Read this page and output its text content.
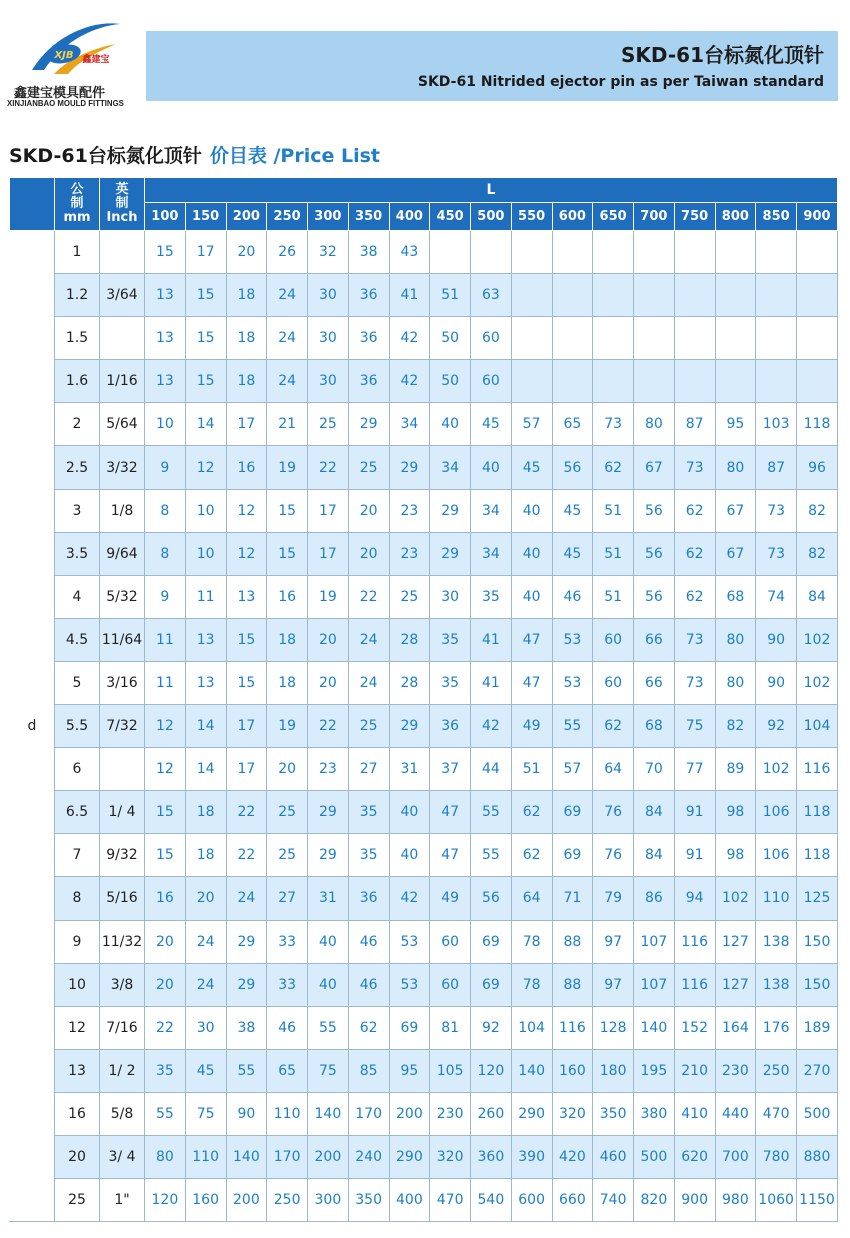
XJB 鑫建宝
鑫建宝模具配件
XINJIANBAO MOULD FITTINGS
SKD-61台标氮化顶针
SKD-61 Nitrided ejector pin as per Taiwan standard
SKD-61台标氮化顶针 价目表 /Price List
	公
制
mm	英
制
Inch	L																
			100	150	200	250	300	350	400	450	500	550	600	650	700	750	800	850	900
d	1		15	17	20	26	32	38	43										
	1.2	3/64	13	15	18	24	30	36	41	51	63								
	1.5		13	15	18	24	30	36	42	50	60								
	1.6	1/16	13	15	18	24	30	36	42	50	60								
	2	5/64	10	14	17	21	25	29	34	40	45	57	65	73	80	87	95	103	118
	2.5	3/32	9	12	16	19	22	25	29	34	40	45	56	62	67	73	80	87	96
	3	1/8	8	10	12	15	17	20	23	29	34	40	45	51	56	62	67	73	82
	3.5	9/64	8	10	12	15	17	20	23	29	34	40	45	51	56	62	67	73	82
	4	5/32	9	11	13	16	19	22	25	30	35	40	46	51	56	62	68	74	84
	4.5	11/64	11	13	15	18	20	24	28	35	41	47	53	60	66	73	80	90	102
	5	3/16	11	13	15	18	20	24	28	35	41	47	53	60	66	73	80	90	102
	5.5	7/32	12	14	17	19	22	25	29	36	42	49	55	62	68	75	82	92	104
	6		12	14	17	20	23	27	31	37	44	51	57	64	70	77	89	102	116
	6.5	1/ 4	15	18	22	25	29	35	40	47	55	62	69	76	84	91	98	106	118
	7	9/32	15	18	22	25	29	35	40	47	55	62	69	76	84	91	98	106	118
	8	5/16	16	20	24	27	31	36	42	49	56	64	71	79	86	94	102	110	125
	9	11/32	20	24	29	33	40	46	53	60	69	78	88	97	107	116	127	138	150
	10	3/8	20	24	29	33	40	46	53	60	69	78	88	97	107	116	127	138	150
	12	7/16	22	30	38	46	55	62	69	81	92	104	116	128	140	152	164	176	189
	13	1/ 2	35	45	55	65	75	85	95	105	120	140	160	180	195	210	230	250	270
	16	5/8	55	75	90	110	140	170	200	230	260	290	320	350	380	410	440	470	500
	20	3/ 4	80	110	140	170	200	240	290	320	360	390	420	460	500	620	700	780	880
	25	1"	120	160	200	250	300	350	400	470	540	600	660	740	820	900	980	1060	1150
